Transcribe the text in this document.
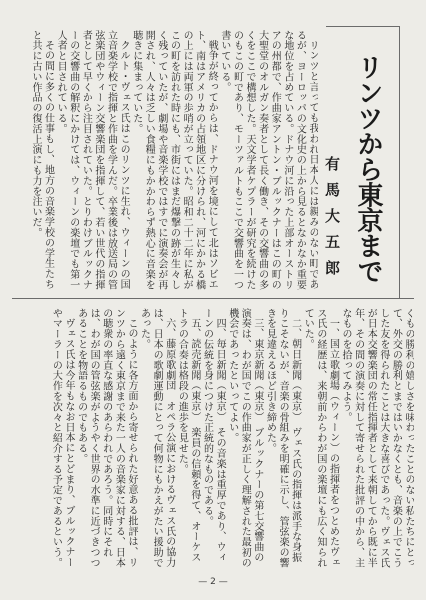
リンツから東京まで
有馬大五郎

リンツと言っても我われ日本人には親みのない町であるが、ヨーロッパの文化史の上から見るとなかなか重要な地位を占めている。ドナウ河に沿った上部オーストリアの州都で、作曲家アントン・ブルックナーはこの町の大聖堂のオルガン奏者として長く働き、その交響曲の多くをここで構想した。天文学者ケプラーが研究を続けたのもこの町であり、モーツァルトもここで交響曲を一つ書いている。

戦争が終ってからは、ドナウ河を境にして北はソビエト、南はアメリカの占領地区に分けられ、河にかかる橋の上には両軍の歩哨が立っていた。昭和二十二年に私がこの町を訪れた時にも、市街にはまだ爆撃の跡が生々しく残っていたが、劇場や音楽学校ではすでに演奏会が再開され、人々は乏しい食糧にもかかわらず熱心に音楽を聴きに集まっていた。

クルト・ヴェス氏はこのリンツに生れ、ウィーンの国立音楽学校で指揮と作曲を学んだ。卒業後は放送局の管弦楽団やウィーン交響楽団を指揮して、若い世代の指揮者として早くから注目されていた。とりわけブルックナーの交響曲の解釈にかけては、ウィーンの楽壇でも第一人者と目されている。

その間に多くの仕事もし、地方の音楽学校の学生たちと共に古い作品の復活上演にも力を注いだ。

くもの勝利の嬉しさを味わったことのない私たちにとって、外交の勝利とまではいかなくとも、音楽の上でこうした友を得られたことは大きな喜びであった。ヴェス氏が日本交響楽団の常任指揮者として来朝してから既に半年、その間の演奏に対して寄せられた批評の中から、主なものを拾ってみよう。

一、国立歌劇場（ウィーン）の指揮者をつとめたヴェス氏の経歴は、来朝前からわが国の楽壇にも広く知られていた。

二、朝日新聞（東京）　ヴェス氏の指揮は派手な身振りこそないが、音楽の骨組みを明確に示し、管弦楽の響きを見違えるほど引き締めた。

三、東京新聞（東京）　ブルックナーの第七交響曲の演奏は、わが国でこの作曲家が正しく理解された最初の機会であったといってよい。

四、毎日新聞（東京）　その音楽は重厚であり、ウィーンの伝統を身につけた正統的なものである。

五、読売新聞（東京）　楽員の信頼を得て、オーケストラの合奏は格段の進歩を見せた。

六、藤原歌劇団　オペラ公演におけるヴェス氏の協力は、日本の歌劇運動にとって何物にもかえがたい援助であった。

このように各方面から寄せられた好意ある批評は、リンツから遠く東京まで来た一人の音楽家に対する、日本の聴衆の率直な感謝のあらわれであろう。同時にそれは、わが国の管弦楽がようやく世界の水準に近づきつつあることを物語るものでもある。

ヴェス氏は今年もなお日本にとどまり、ブルックナーやマーラーの大作を次々と紹介する予定であるという。

— 2 —
